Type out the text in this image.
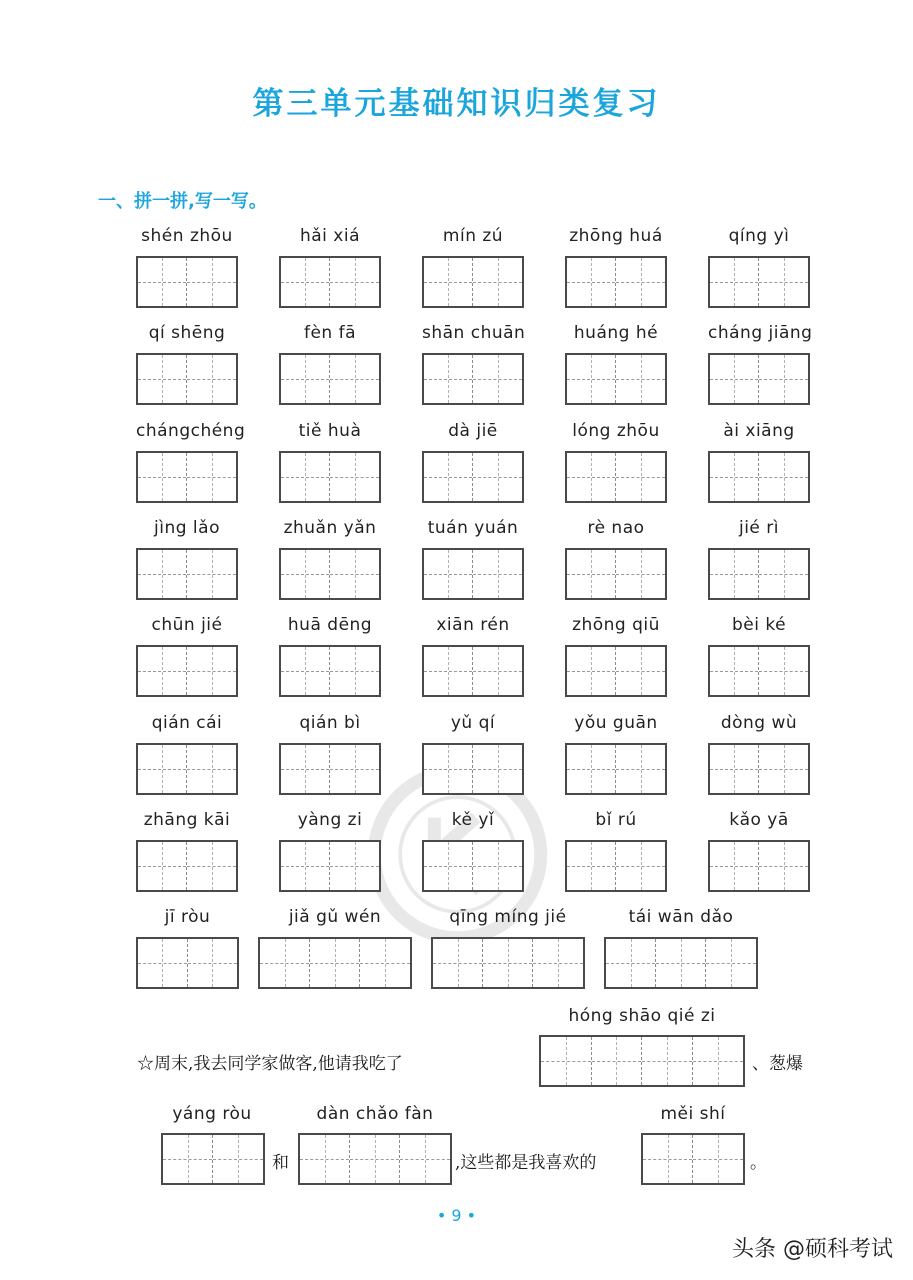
第三单元基础知识归类复习
一、拼一拼,写一写。
shén zhōu	hǎi xiá	mín zú	zhōng huá	qíng yì
qí shēng	fèn fā	shān chuān	huáng hé	cháng jiāng
chángchéng	tiě huà	dà jiē	lóng zhōu	ài xiāng
jìng lǎo	zhuǎn yǎn	tuán yuán	rè nao	jié rì
chūn jié	huā dēng	xiān rén	zhōng qiū	bèi ké
qián cái	qián bì	yǔ qí	yǒu guān	dòng wù
zhāng kāi	yàng zi	kě yǐ	bǐ rú	kǎo yā
jī ròu	jiǎ gǔ wén	qīng míng jié	tái wān dǎo
hóng shāo qié zi
☆周末,我去同学家做客,他请我吃了	、葱爆
yáng ròu
和
dàn chǎo fàn
,这些都是我喜欢的
měi shí
。
• 9 •
头条 @硕科考试
